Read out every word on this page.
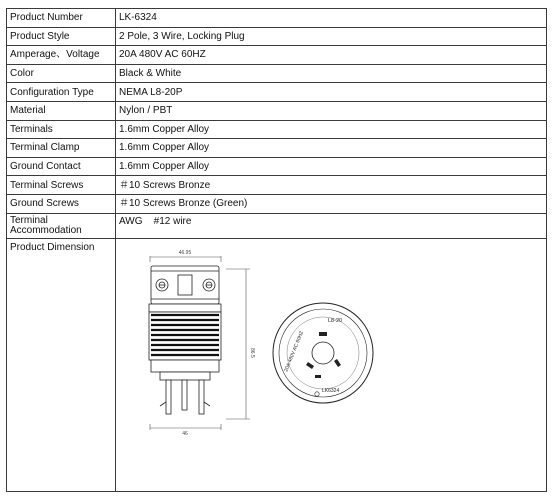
Product Number	LK-6324
Product Style	2 Pole, 3 Wire, Locking Plug
Amperage、Voltage	20A 480V AC 60HZ
Color	Black & White
Configuration Type	NEMA L8-20P
Material	Nylon / PBT
Terminals	1.6mm Copper Alloy
Terminal Clamp	1.6mm Copper Alloy
Ground Contact	1.6mm Copper Alloy
Terminal Screws	＃10 Screws Bronze
Ground Screws	＃10 Screws Bronze (Green)
Terminal
Accommodation	AWG    #12 wire
Product Dimension	
46.95
86.5
46
20A 480V AC 60HZ
L8-20
LK6324
